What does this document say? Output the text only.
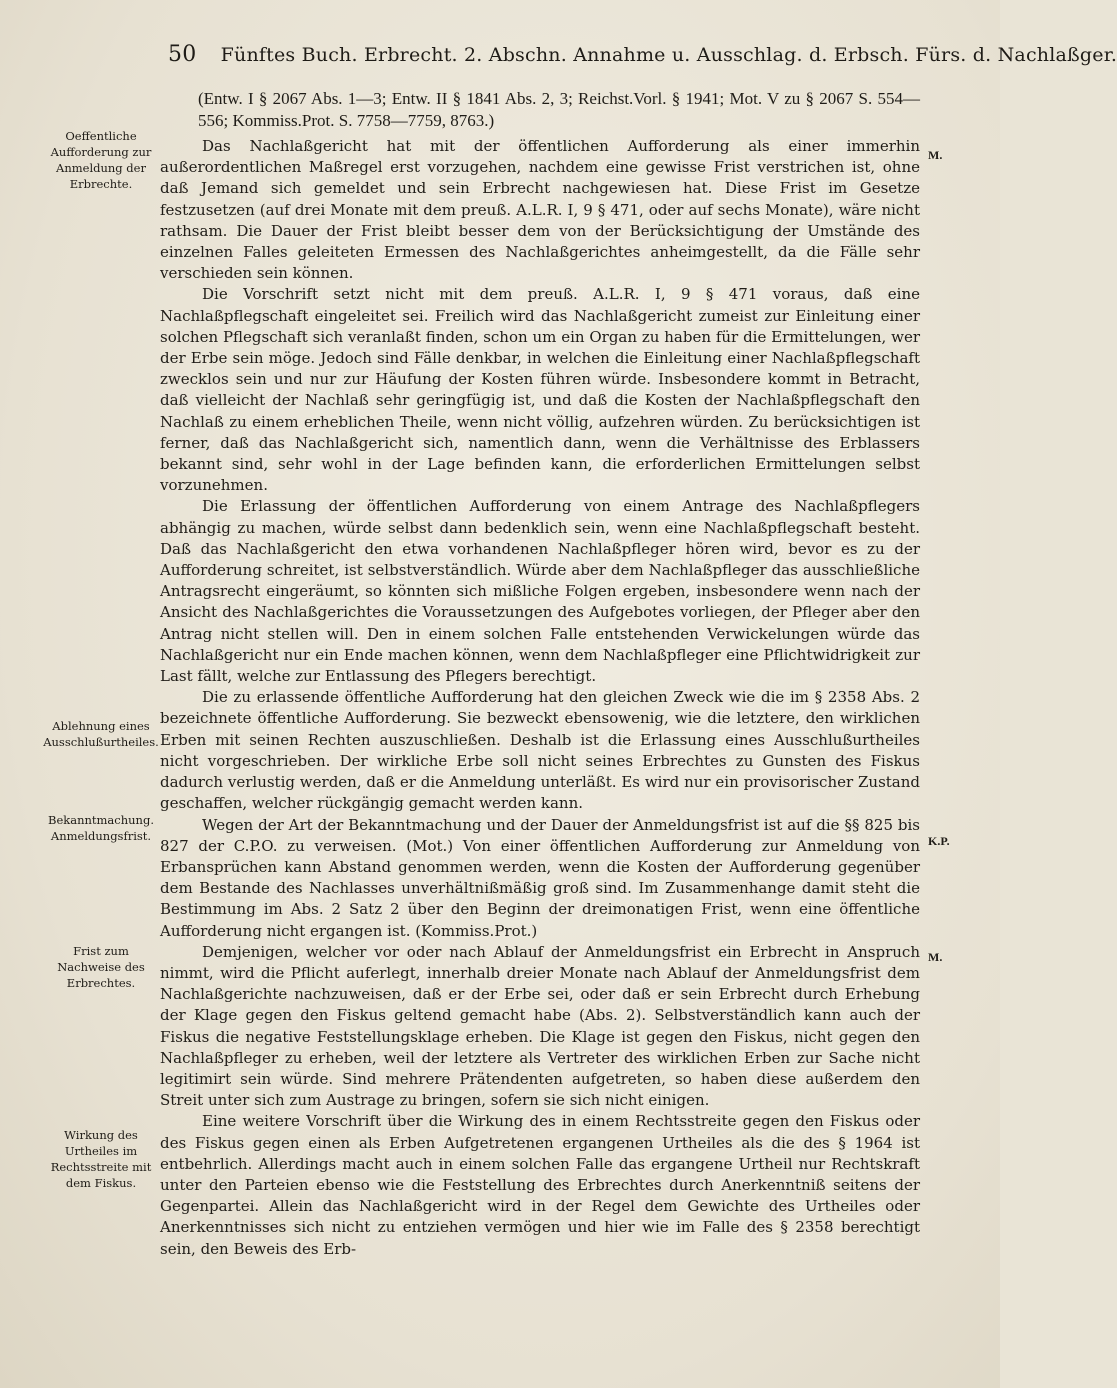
50 Fünftes Buch. Erbrecht. 2. Abschn. Annahme u. Ausschlag. d. Erbsch. Fürs. d. Nachlaßger.
Oeffentliche Aufforderung zur Anmeldung der Erbrechte.
Ablehnung eines Ausschlußurtheiles.
Bekanntmachung. Anmeldungsfrist.
Frist zum Nachweise des Erbrechtes.
Wirkung des Urtheiles im Rechtsstreite mit dem Fiskus.
M.
K.P.
M.

(Entw. I § 2067 Abs. 1—3; Entw. II § 1841 Abs. 2, 3; Reichst.Vorl. § 1941; Mot. V zu § 2067 S. 554—556; Kommiss.Prot. S. 7758—7759, 8763.)

Das Nachlaßgericht hat mit der öffentlichen Aufforderung als einer immerhin außerordentlichen Maßregel erst vorzugehen, nachdem eine gewisse Frist verstrichen ist, ohne daß Jemand sich gemeldet und sein Erbrecht nachgewiesen hat. Diese Frist im Gesetze festzusetzen (auf drei Monate mit dem preuß. A.L.R. I, 9 § 471, oder auf sechs Monate), wäre nicht rathsam. Die Dauer der Frist bleibt besser dem von der Berücksichtigung der Umstände des einzelnen Falles geleiteten Ermessen des Nachlaßgerichtes anheimgestellt, da die Fälle sehr verschieden sein können.

Die Vorschrift setzt nicht mit dem preuß. A.L.R. I, 9 § 471 voraus, daß eine Nachlaßpflegschaft eingeleitet sei. Freilich wird das Nachlaßgericht zumeist zur Einleitung einer solchen Pflegschaft sich veranlaßt finden, schon um ein Organ zu haben für die Ermittelungen, wer der Erbe sein möge. Jedoch sind Fälle denkbar, in welchen die Einleitung einer Nachlaßpflegschaft zwecklos sein und nur zur Häufung der Kosten führen würde. Insbesondere kommt in Betracht, daß vielleicht der Nachlaß sehr geringfügig ist, und daß die Kosten der Nachlaßpflegschaft den Nachlaß zu einem erheblichen Theile, wenn nicht völlig, aufzehren würden. Zu berücksichtigen ist ferner, daß das Nachlaßgericht sich, namentlich dann, wenn die Verhältnisse des Erblassers bekannt sind, sehr wohl in der Lage befinden kann, die erforderlichen Ermittelungen selbst vorzunehmen.

Die Erlassung der öffentlichen Aufforderung von einem Antrage des Nachlaßpflegers abhängig zu machen, würde selbst dann bedenklich sein, wenn eine Nachlaßpflegschaft besteht. Daß das Nachlaßgericht den etwa vorhandenen Nachlaßpfleger hören wird, bevor es zu der Aufforderung schreitet, ist selbstverständlich. Würde aber dem Nachlaßpfleger das ausschließliche Antragsrecht eingeräumt, so könnten sich mißliche Folgen ergeben, insbesondere wenn nach der Ansicht des Nachlaßgerichtes die Voraussetzungen des Aufgebotes vorliegen, der Pfleger aber den Antrag nicht stellen will. Den in einem solchen Falle entstehenden Verwickelungen würde das Nachlaßgericht nur ein Ende machen können, wenn dem Nachlaßpfleger eine Pflichtwidrigkeit zur Last fällt, welche zur Entlassung des Pflegers berechtigt.

Die zu erlassende öffentliche Aufforderung hat den gleichen Zweck wie die im § 2358 Abs. 2 bezeichnete öffentliche Aufforderung. Sie bezweckt ebensowenig, wie die letztere, den wirklichen Erben mit seinen Rechten auszuschließen. Deshalb ist die Erlassung eines Ausschlußurtheiles nicht vorgeschrieben. Der wirkliche Erbe soll nicht seines Erbrechtes zu Gunsten des Fiskus dadurch verlustig werden, daß er die Anmeldung unterläßt. Es wird nur ein provisorischer Zustand geschaffen, welcher rückgängig gemacht werden kann.

Wegen der Art der Bekanntmachung und der Dauer der Anmeldungsfrist ist auf die §§ 825 bis 827 der C.P.O. zu verweisen. (Mot.) Von einer öffentlichen Aufforderung zur Anmeldung von Erbansprüchen kann Abstand genommen werden, wenn die Kosten der Aufforderung gegenüber dem Bestande des Nachlasses unverhältnißmäßig groß sind. Im Zusammenhange damit steht die Bestimmung im Abs. 2 Satz 2 über den Beginn der dreimonatigen Frist, wenn eine öffentliche Aufforderung nicht ergangen ist. (Kommiss.Prot.)

Demjenigen, welcher vor oder nach Ablauf der Anmeldungsfrist ein Erbrecht in Anspruch nimmt, wird die Pflicht auferlegt, innerhalb dreier Monate nach Ablauf der Anmeldungsfrist dem Nachlaßgerichte nachzuweisen, daß er der Erbe sei, oder daß er sein Erbrecht durch Erhebung der Klage gegen den Fiskus geltend gemacht habe (Abs. 2). Selbstverständlich kann auch der Fiskus die negative Feststellungsklage erheben. Die Klage ist gegen den Fiskus, nicht gegen den Nachlaßpfleger zu erheben, weil der letztere als Vertreter des wirklichen Erben zur Sache nicht legitimirt sein würde. Sind mehrere Prätendenten aufgetreten, so haben diese außerdem den Streit unter sich zum Austrage zu bringen, sofern sie sich nicht einigen.

Eine weitere Vorschrift über die Wirkung des in einem Rechtsstreite gegen den Fiskus oder des Fiskus gegen einen als Erben Aufgetretenen ergangenen Urtheiles als die des § 1964 ist entbehrlich. Allerdings macht auch in einem solchen Falle das ergangene Urtheil nur Rechtskraft unter den Parteien ebenso wie die Feststellung des Erbrechtes durch Anerkenntniß seitens der Gegenpartei. Allein das Nachlaßgericht wird in der Regel dem Gewichte des Urtheiles oder Anerkenntnisses sich nicht zu entziehen vermögen und hier wie im Falle des § 2358 berechtigt sein, den Beweis des Erb-
